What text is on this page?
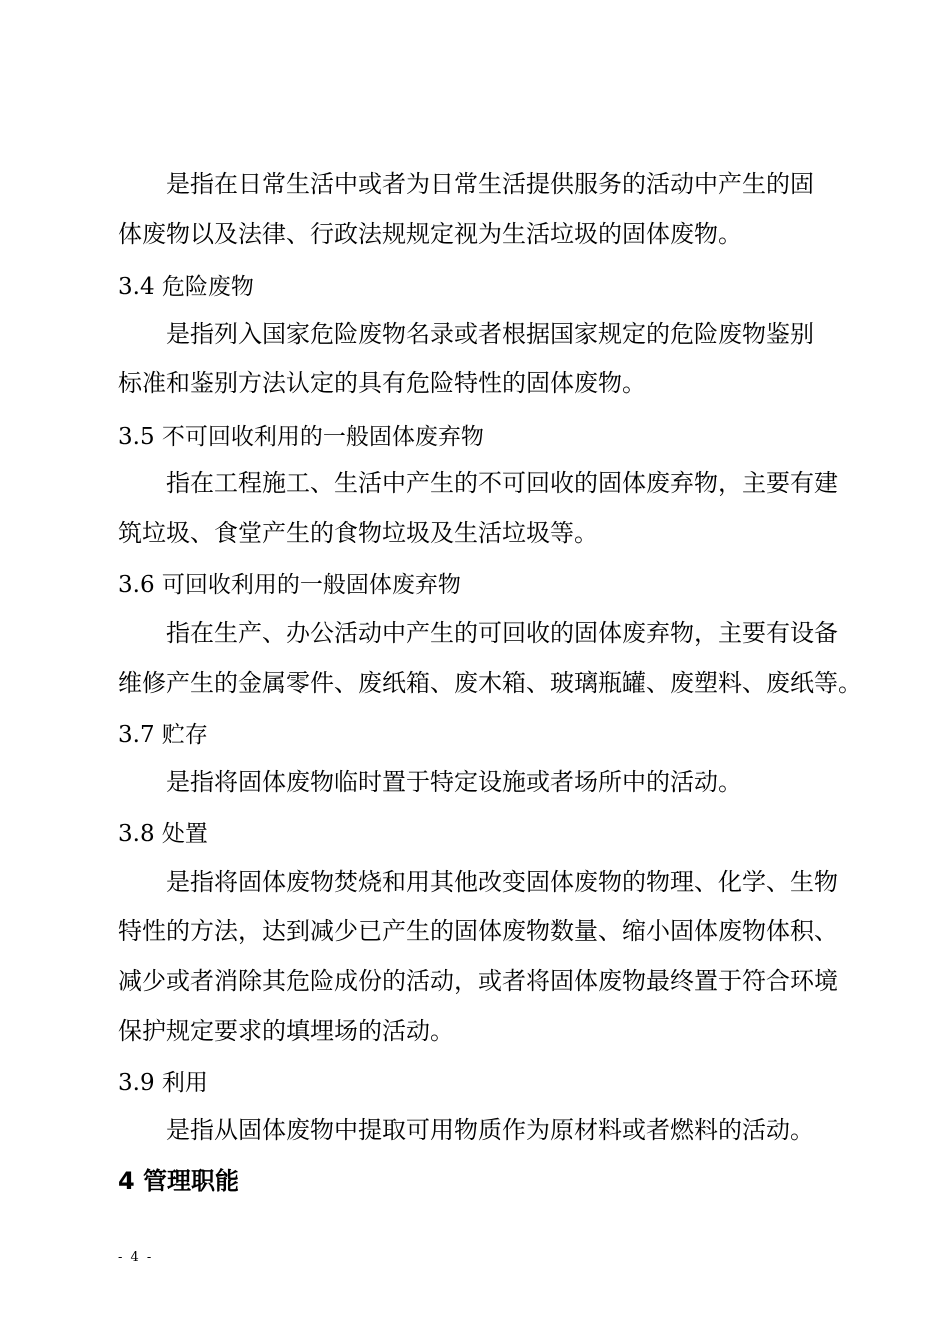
是指在日常生活中或者为日常生活提供服务的活动中产生的固
体废物以及法律、行政法规规定视为生活垃圾的固体废物。
3.4 危险废物
是指列入国家危险废物名录或者根据国家规定的危险废物鉴别
标准和鉴别方法认定的具有危险特性的固体废物。
3.5 不可回收利用的一般固体废弃物
指在工程施工、生活中产生的不可回收的固体废弃物，主要有建
筑垃圾、食堂产生的食物垃圾及生活垃圾等。
3.6 可回收利用的一般固体废弃物
指在生产、办公活动中产生的可回收的固体废弃物，主要有设备
维修产生的金属零件、废纸箱、废木箱、玻璃瓶罐、废塑料、废纸等。
3.7 贮存
是指将固体废物临时置于特定设施或者场所中的活动。
3.8 处置
是指将固体废物焚烧和用其他改变固体废物的物理、化学、生物
特性的方法，达到减少已产生的固体废物数量、缩小固体废物体积、
减少或者消除其危险成份的活动，或者将固体废物最终置于符合环境
保护规定要求的填埋场的活动。
3.9 利用
是指从固体废物中提取可用物质作为原材料或者燃料的活动。
4 管理职能
- 4 -
